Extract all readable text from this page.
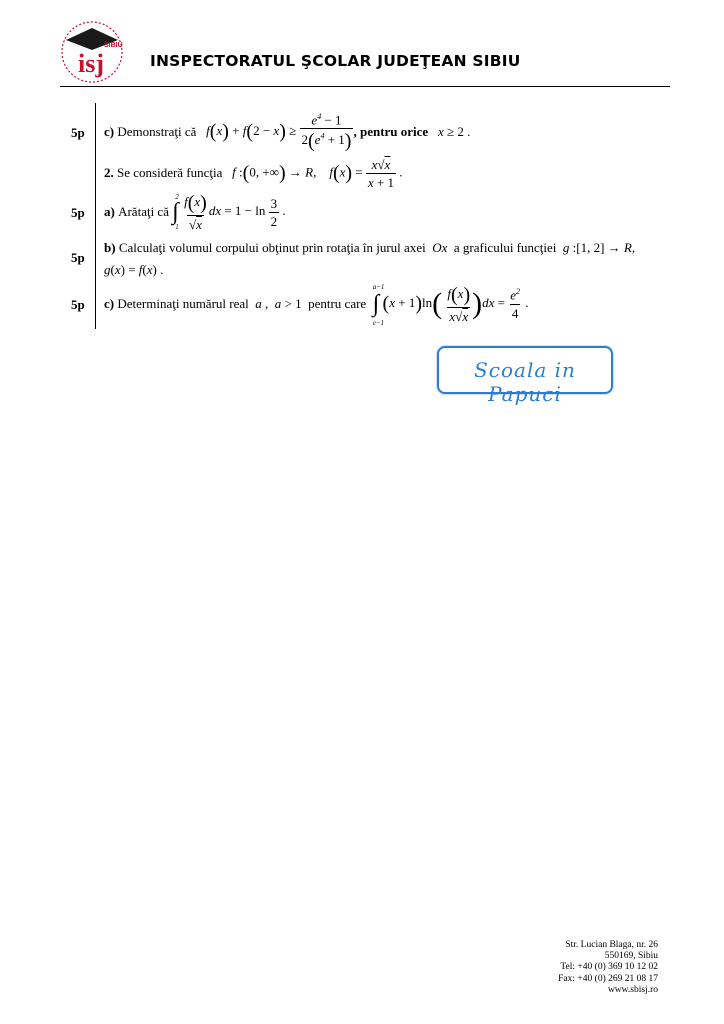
SIBIU
isj	INSPECTORATUL ŞCOLAR JUDEŢEAN SIBIU
5p
5p
5p
5p
c)
Demonstraţi că
$f(x) + f(2 - x) \ge \frac{e^4 - 1}{2(e^4 + 1)}$ , pentru orice
x ≥ 2 .
2.
Se consideră funcţia
f :(0, +∞) → R,    $f(x) = \frac{x√x}{x + 1}$ .
a)
Arătaţi că
∫
2
$1 \frac{f(x)}{√x}$ dx = $1 - \ln \frac{3}{2}$ .
b) Calculaţi volumul corpului obţinut prin rotaţia în jurul axei Ox a graficului funcţiei g :[1, 2] → R,
g(x) = f(x) .
c)
Determinaţi numărul real
a ,  a > 1
pentru care
∫
a−1
e−1
$(x + 1)\ln( \frac{f(x)}{x√x} )dx = \frac{e^2}{4}$ .
Scoala in Papuci
Str. Lucian Blaga, nr. 26
550169, Sibiu
Tel: +40 (0) 369 10 12 02
Fax: +40 (0) 269 21 08 17
www.sbisj.ro
